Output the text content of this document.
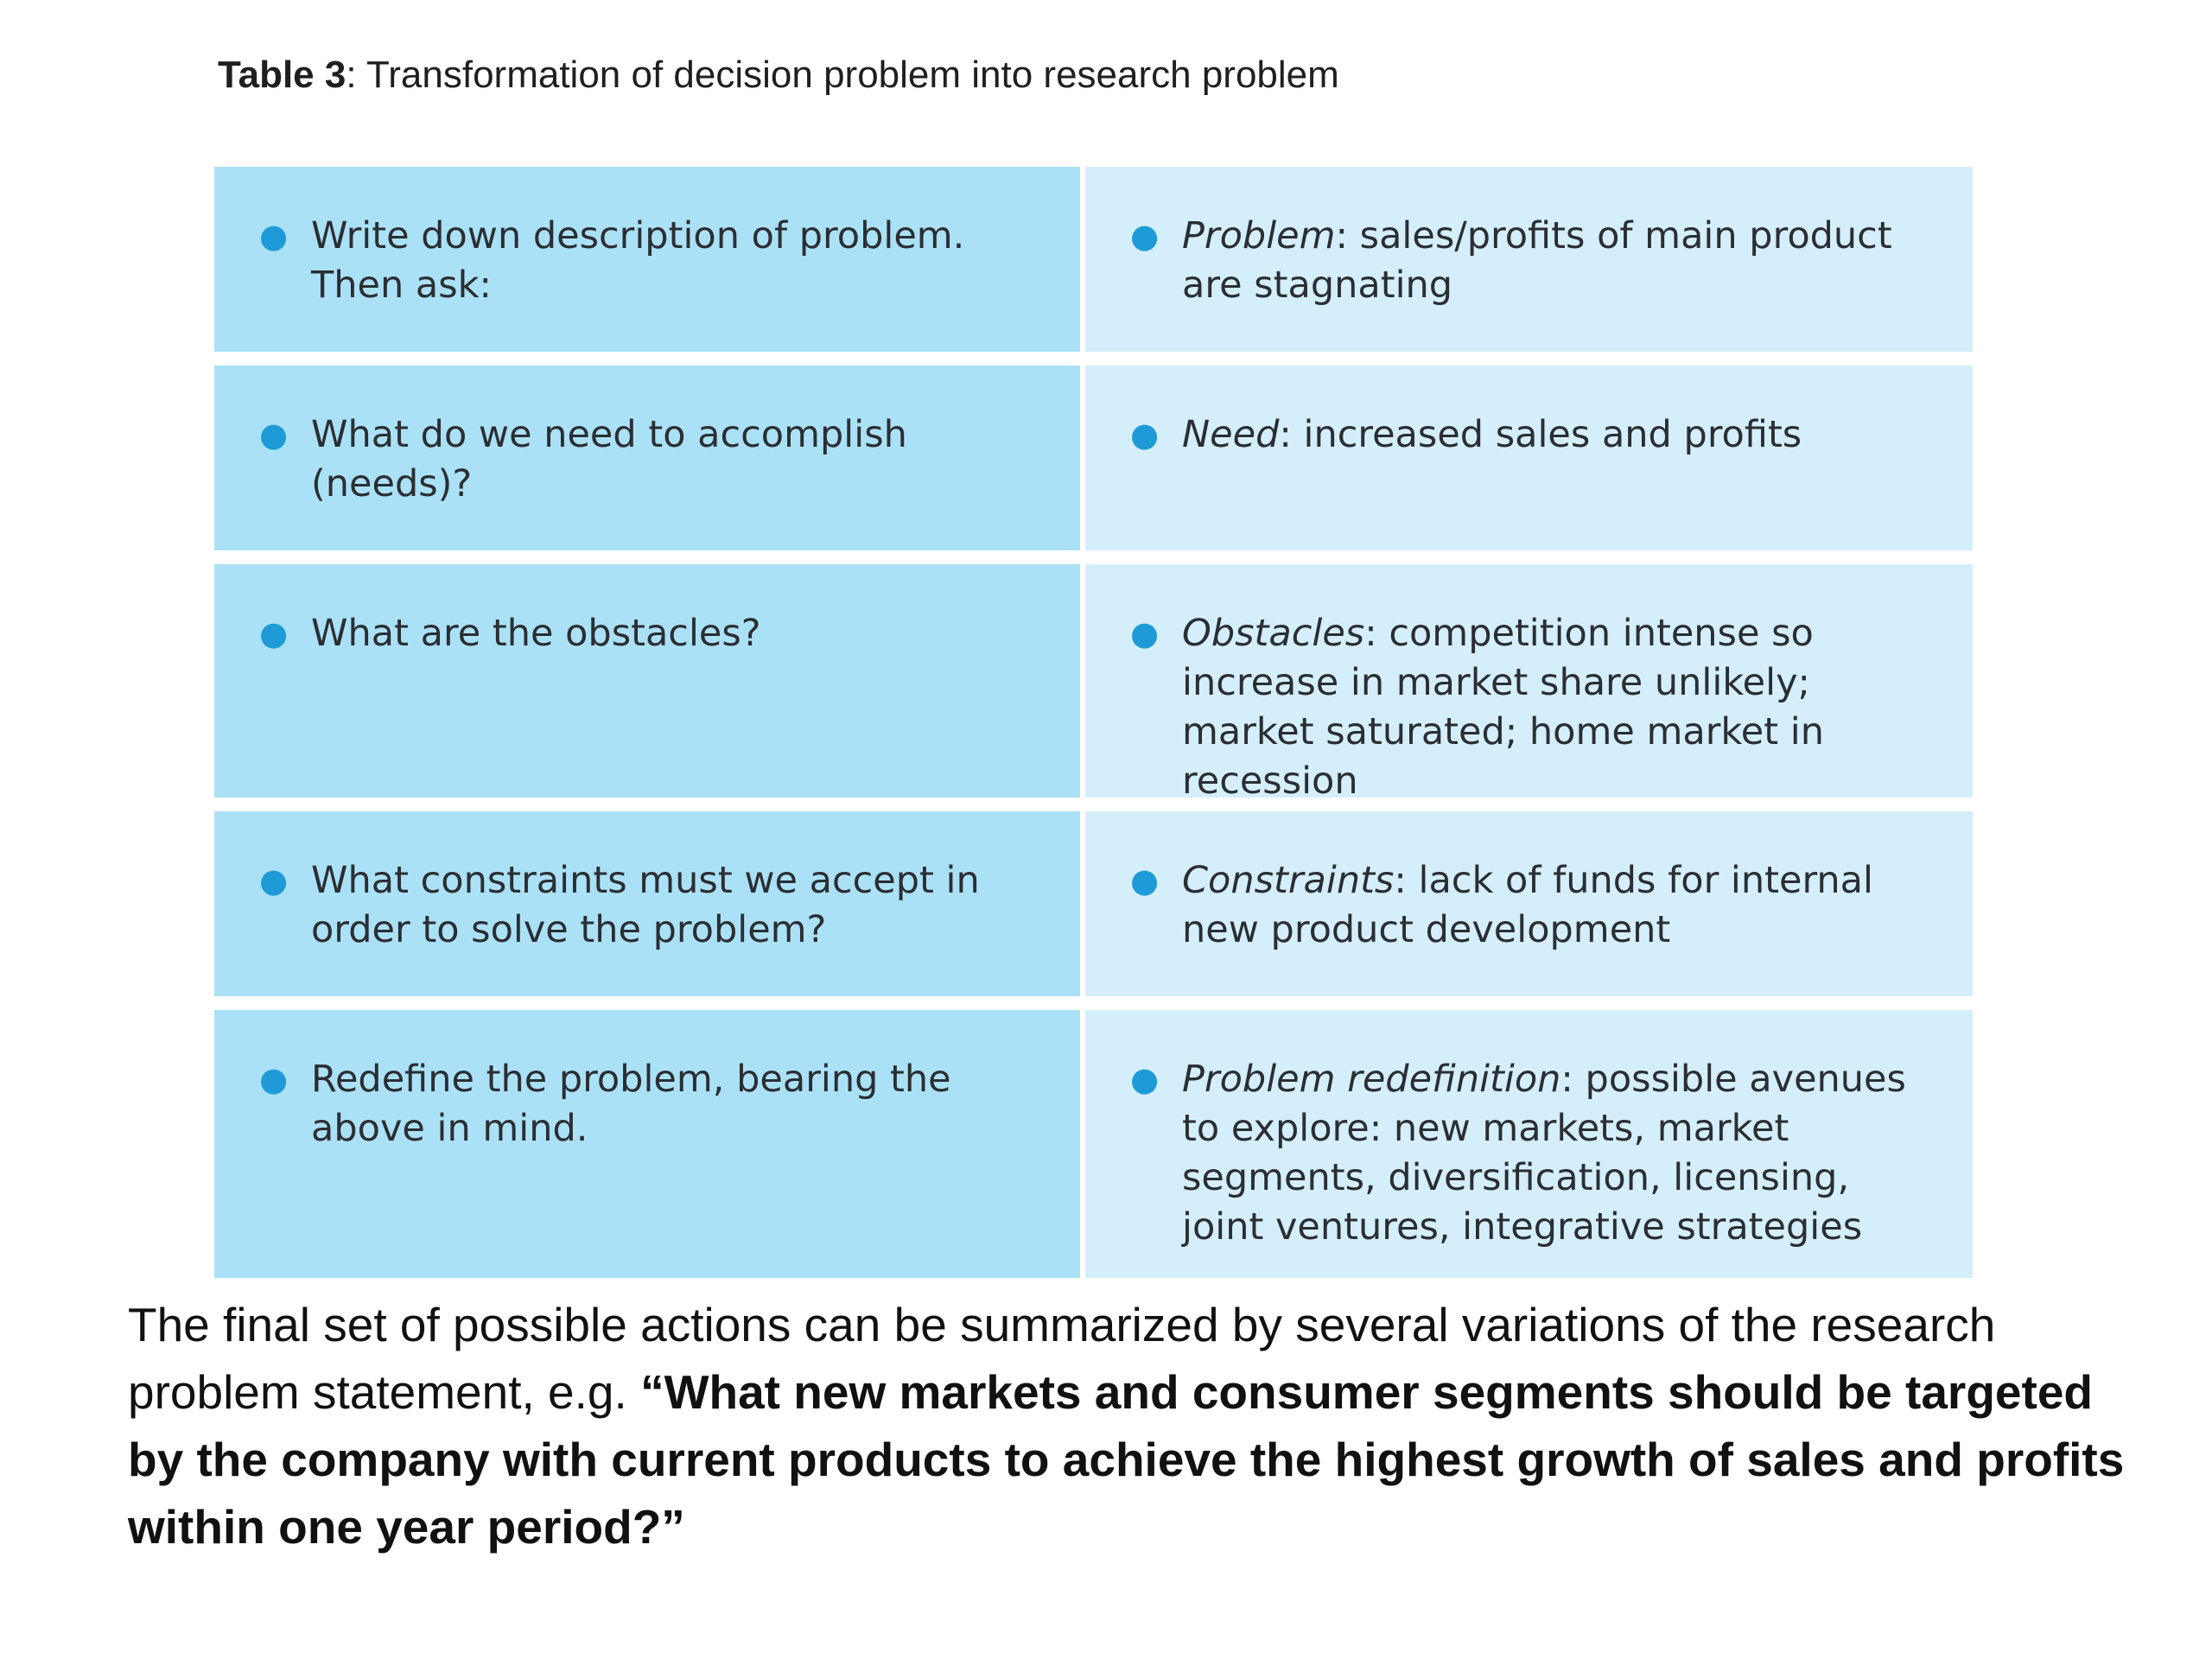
Table 3: Transformation of decision problem into research problem
● Write down description of problem. Then ask:
● Problem: sales/profits of main product are stagnating
● What do we need to accomplish (needs)?
● Need: increased sales and profits
● What are the obstacles?	● Obstacles: competition intense so increase in market share unlikely; market saturated; home market in recession
● What constraints must we accept in order to solve the problem?
● Constraints: lack of funds for internal new product development
● Redefine the problem, bearing the above in mind.
● Problem redefinition: possible avenues to explore: new markets, market segments, diversification, licensing, joint ventures, integrative strategies
The final set of possible actions can be summarized by several variations of the research problem statement, e.g. “What new markets and consumer segments should be targeted by the company with current products to achieve the highest growth of sales and profits within one year period?”
